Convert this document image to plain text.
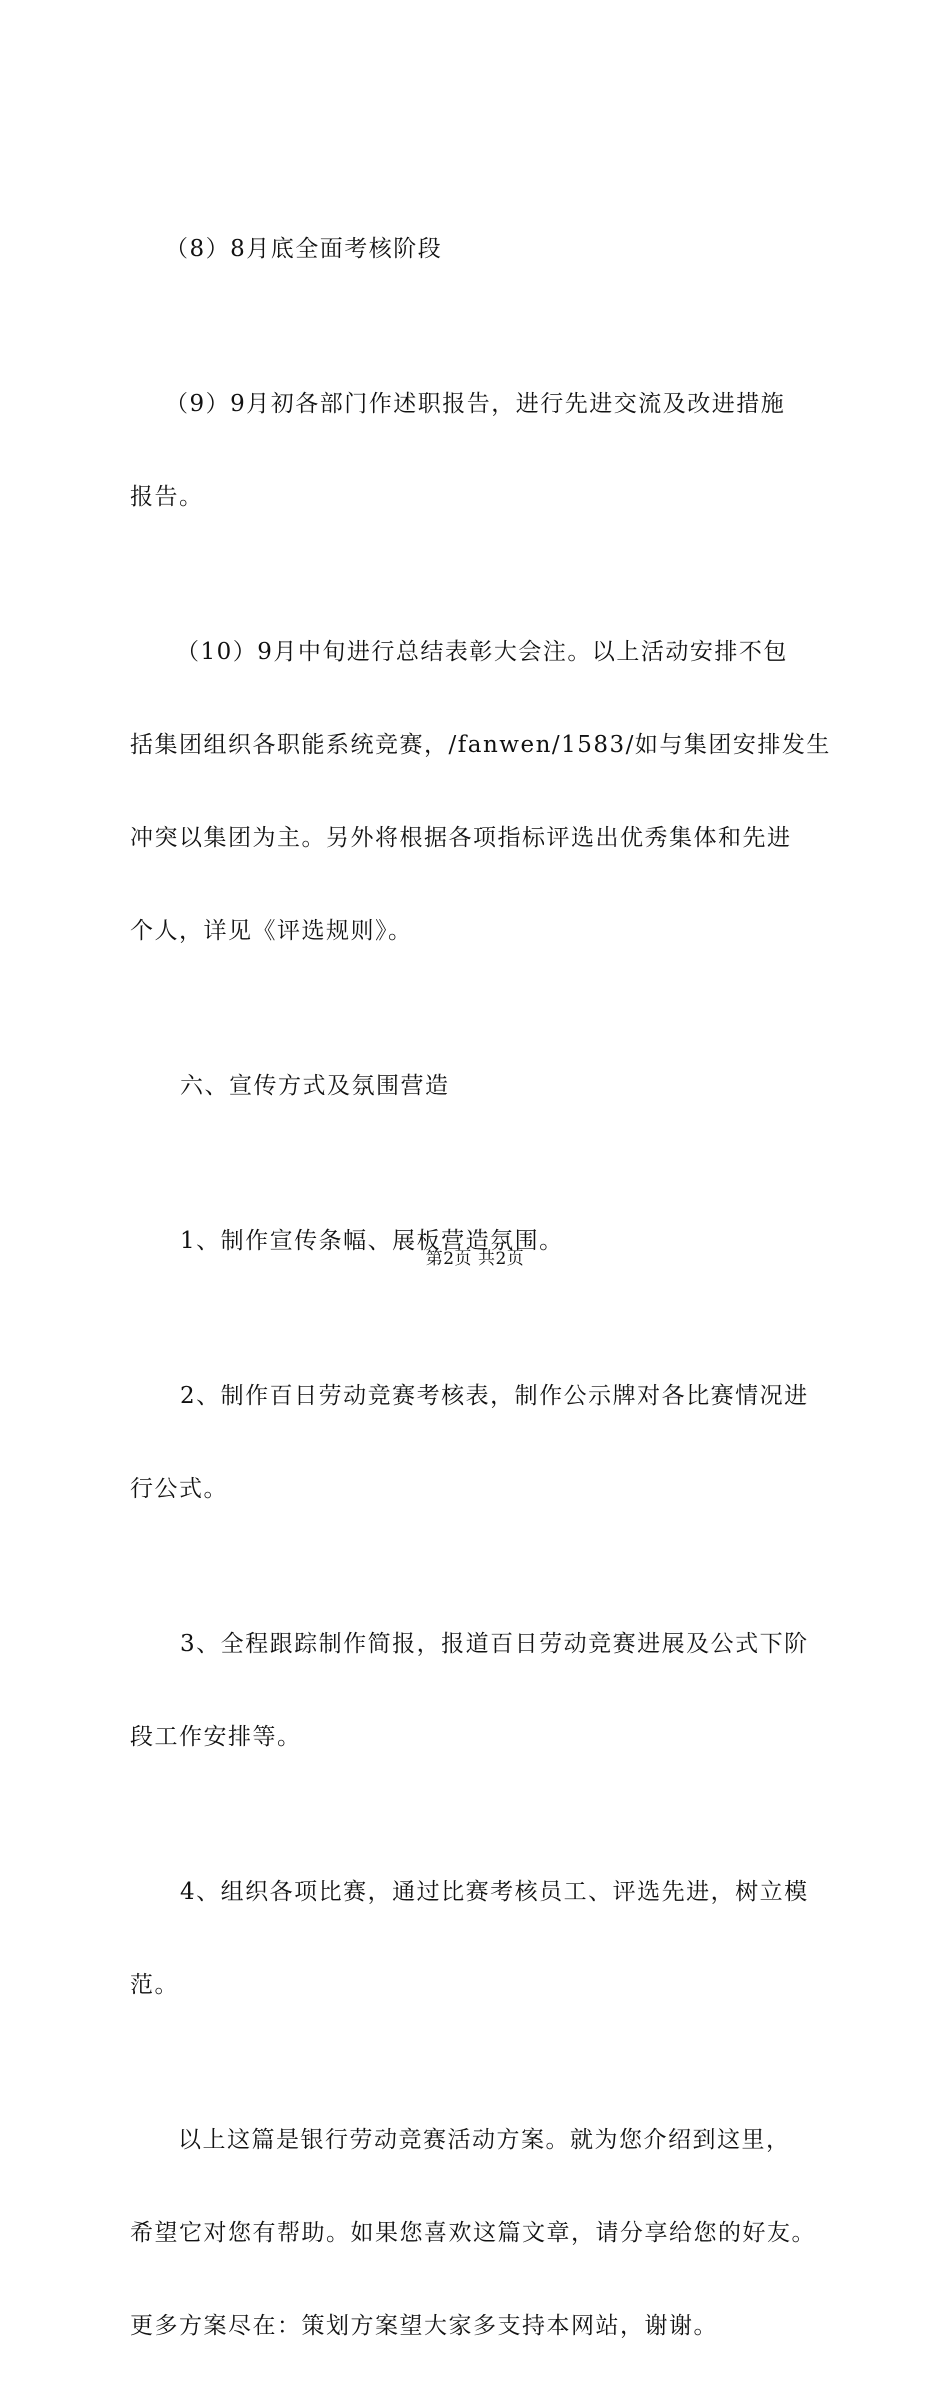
（8）8月底全面考核阶段

（9）9月初各部门作述职报告，进行先进交流及改进措施

报告。

（10）9月中旬进行总结表彰大会注。以上活动安排不包

括集团组织各职能系统竞赛，/fanwen/1583/如与集团安排发生

冲突以集团为主。另外将根据各项指标评选出优秀集体和先进

个人，详见《评选规则》。

六、宣传方式及氛围营造

1、制作宣传条幅、展板营造氛围。

2、制作百日劳动竞赛考核表，制作公示牌对各比赛情况进

行公式。

3、全程跟踪制作简报，报道百日劳动竞赛进展及公式下阶

段工作安排等。

4、组织各项比赛，通过比赛考核员工、评选先进，树立模

范。

以上这篇是银行劳动竞赛活动方案。就为您介绍到这里，

希望它对您有帮助。如果您喜欢这篇文章，请分享给您的好友。

更多方案尽在：策划方案望大家多支持本网站，谢谢。

第2页 共2页
